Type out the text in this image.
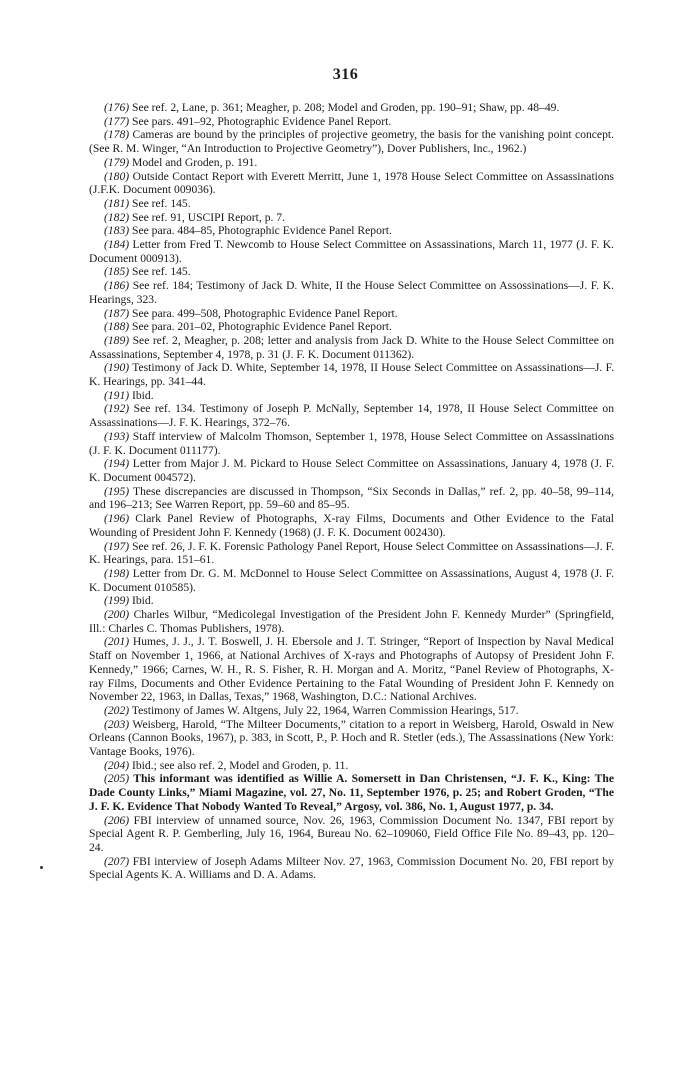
316

(176) See ref. 2, Lane, p. 361; Meagher, p. 208; Model and Groden, pp. 190–91; Shaw, pp. 48–49.

(177) See pars. 491–92, Photographic Evidence Panel Report.

(178) Cameras are bound by the principles of projective geometry, the basis for the vanishing point concept. (See R. M. Winger, “An Introduction to Projective Geometry”), Dover Publishers, Inc., 1962.)

(179) Model and Groden, p. 191.

(180) Outside Contact Report with Everett Merritt, June 1, 1978 House Select Committee on Assassinations (J.F.K. Document 009036).

(181) See ref. 145.

(182) See ref. 91, USCIPI Report, p. 7.

(183) See para. 484–85, Photographic Evidence Panel Report.

(184) Letter from Fred T. Newcomb to House Select Committee on Assassinations, March 11, 1977 (J. F. K. Document 000913).

(185) See ref. 145.

(186) See ref. 184; Testimony of Jack D. White, II the House Select Committee on Assossinations—J. F. K. Hearings, 323.

(187) See para. 499–508, Photographic Evidence Panel Report.

(188) See para. 201–02, Photographic Evidence Panel Report.

(189) See ref. 2, Meagher, p. 208; letter and analysis from Jack D. White to the House Select Committee on Assassinations, September 4, 1978, p. 31 (J. F. K. Document 011362).

(190) Testimony of Jack D. White, September 14, 1978, II House Select Committee on Assassinations—J. F. K. Hearings, pp. 341–44.

(191) Ibid.

(192) See ref. 134. Testimony of Joseph P. McNally, September 14, 1978, II House Select Committee on Assassinations—J. F. K. Hearings, 372–76.

(193) Staff interview of Malcolm Thomson, September 1, 1978, House Select Committee on Assassinations (J. F. K. Document 011177).

(194) Letter from Major J. M. Pickard to House Select Committee on Assassinations, January 4, 1978 (J. F. K. Document 004572).

(195) These discrepancies are discussed in Thompson, “Six Seconds in Dallas,” ref. 2, pp. 40–58, 99–114, and 196–213; See Warren Report, pp. 59–60 and 85–95.

(196) Clark Panel Review of Photographs, X-ray Films, Documents and Other Evidence to the Fatal Wounding of President John F. Kennedy (1968) (J. F. K. Document 002430).

(197) See ref. 26, J. F. K. Forensic Pathology Panel Report, House Select Committee on Assassinations—J. F. K. Hearings, para. 151–61.

(198) Letter from Dr. G. M. McDonnel to House Select Committee on Assassinations, August 4, 1978 (J. F. K. Document 010585).

(199) Ibid.

(200) Charles Wilbur, “Medicolegal Investigation of the President John F. Kennedy Murder” (Springfield, Ill.: Charles C. Thomas Publishers, 1978).

(201) Humes, J. J., J. T. Boswell, J. H. Ebersole and J. T. Stringer, “Report of Inspection by Naval Medical Staff on November 1, 1966, at National Archives of X-rays and Photographs of Autopsy of President John F. Kennedy,” 1966; Carnes, W. H., R. S. Fisher, R. H. Morgan and A. Moritz, “Panel Review of Photographs, X-ray Films, Documents and Other Evidence Pertaining to the Fatal Wounding of President John F. Kennedy on November 22, 1963, in Dallas, Texas,” 1968, Washington, D.C.: National Archives.

(202) Testimony of James W. Altgens, July 22, 1964, Warren Commission Hearings, 517.

(203) Weisberg, Harold, “The Milteer Documents,” citation to a report in Weisberg, Harold, Oswald in New Orleans (Cannon Books, 1967), p. 383, in Scott, P., P. Hoch and R. Stetler (eds.), The Assassinations (New York: Vantage Books, 1976).

(204) Ibid.; see also ref. 2, Model and Groden, p. 11.

(205) This informant was identified as Willie A. Somersett in Dan Christensen, “J. F. K., King: The Dade County Links,” Miami Magazine, vol. 27, No. 11, September 1976, p. 25; and Robert Groden, “The J. F. K. Evidence That Nobody Wanted To Reveal,” Argosy, vol. 386, No. 1, August 1977, p. 34.

(206) FBI interview of unnamed source, Nov. 26, 1963, Commission Document No. 1347, FBI report by Special Agent R. P. Gemberling, July 16, 1964, Bureau No. 62–109060, Field Office File No. 89–43, pp. 120–24.

(207) FBI interview of Joseph Adams Milteer Nov. 27, 1963, Commission Document No. 20, FBI report by Special Agents K. A. Williams and D. A. Adams.
